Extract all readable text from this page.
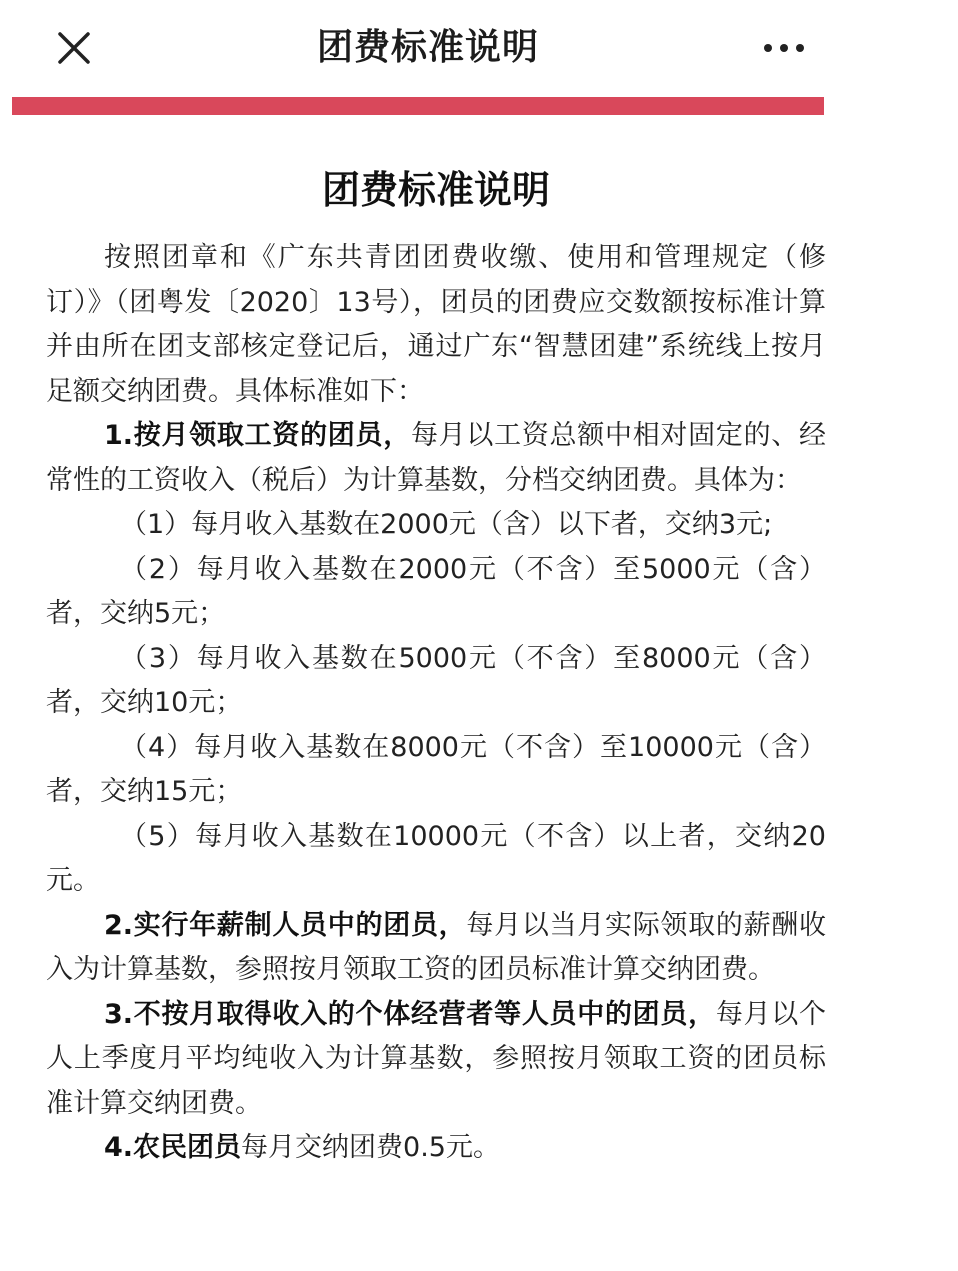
团费标准说明
团费标准说明

按照团章和《广东共青团团费收缴、使用和管理规定（修订）》（团粤发〔2020〕13号），团员的团费应交数额按标准计算并由所在团支部核定登记后，通过广东“智慧团建”系统线上按月足额交纳团费。具体标准如下：

1.按月领取工资的团员，每月以工资总额中相对固定的、经常性的工资收入（税后）为计算基数，分档交纳团费。具体为：

（1）每月收入基数在2000元（含）以下者，交纳3元;

（2）每月收入基数在2000元（不含）至5000元（含）者，交纳5元；

（3）每月收入基数在5000元（不含）至8000元（含）者，交纳10元；

（4）每月收入基数在8000元（不含）至10000元（含）者，交纳15元；

（5）每月收入基数在10000元（不含）以上者，交纳20元。

2.实行年薪制人员中的团员，每月以当月实际领取的薪酬收入为计算基数，参照按月领取工资的团员标准计算交纳团费。

3.不按月取得收入的个体经营者等人员中的团员，每月以个人上季度月平均纯收入为计算基数，参照按月领取工资的团员标准计算交纳团费。

4.农民团员每月交纳团费0.5元。
